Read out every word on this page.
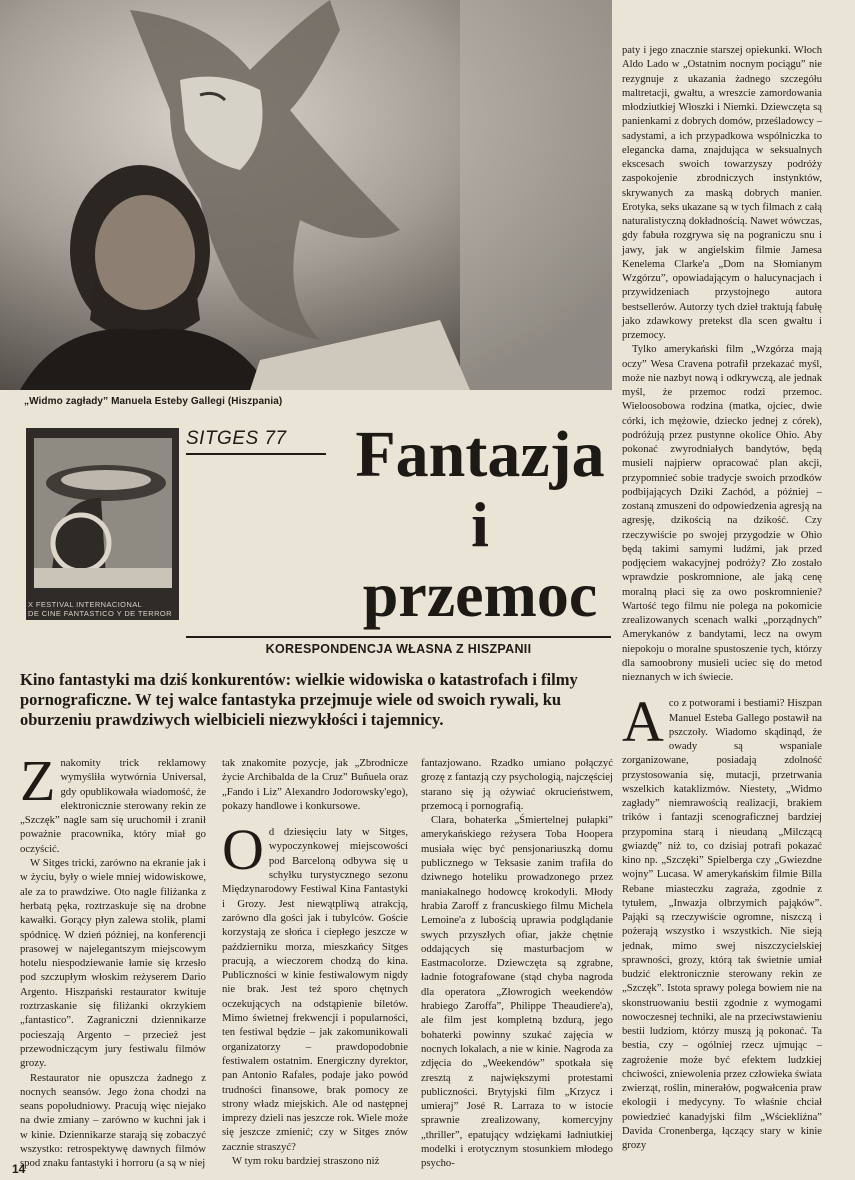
„Widmo zagłady” Manuela Esteby Gallegi (Hiszpania)
X FESTIVAL INTERNACIONAL
DE CINE FANTASTICO Y DE TERROR
SITGES 77 Fantazja
i
przemoc
KORESPONDENCJA WŁASNA Z HISZPANII
Kino fantastyki ma dziś konkurentów: wielkie widowiska o katastrofach i filmy pornograficzne. W tej walce fantastyka przejmuje wiele od swoich rywali, ku oburzeniu prawdziwych wielbicieli niezwykłości i tajemnicy.

Znakomity trick reklamowy wymyśliła wytwórnia Universal, gdy opublikowała wiadomość, że elektronicznie sterowany rekin ze „Szczęk” nagle sam się uruchomił i zranił poważnie pracownika, który miał go oczyścić.

W Sitges tricki, zarówno na ekranie jak i w życiu, były o wiele mniej widowiskowe, ale za to prawdziwe. Oto nagle filiżanka z herbatą pęka, roztrzaskuje się na drobne kawałki. Gorący płyn zalewa stolik, plami spódnicę. W dzień później, na konferencji prasowej w najelegantszym miejscowym hotelu niespodziewanie łamie się krzesło pod szczupłym włoskim reżyserem Dario Argento. Hiszpański restaurator kwituje roztrzaskanie się filiżanki okrzykiem „fantastico”. Zagraniczni dziennikarze pocieszają Argento – przecież jest przewodniczącym jury festiwalu filmów grozy.

Restaurator nie opuszcza żadnego z nocnych seansów. Jego żona chodzi na seans popołudniowy. Pracują więc niejako na dwie zmiany – zarówno w kuchni jak i w kinie. Dziennikarze starają się zobaczyć wszystko: retrospektywę dawnych filmów spod znaku fantastyki i horroru (a są w niej

tak znakomite pozycje, jak „Zbrodnicze życie Archibalda de la Cruz” Buñuela oraz „Fando i Liz” Alexandro Jodorowsky'ego), pokazy handlowe i konkursowe.

Od dziesięciu laty w Sitges, wypoczynkowej miejscowości pod Barceloną odbywa się u schyłku turystycznego sezonu Międzynarodowy Festiwal Kina Fantastyki i Grozy. Jest niewątpliwą atrakcją, zarówno dla gości jak i tubylców. Goście korzystają ze słońca i ciepłego jeszcze w październiku morza, mieszkańcy Sitges pracują, a wieczorem chodzą do kina. Publiczności w kinie festiwalowym nigdy nie brak. Jest też sporo chętnych oczekujących na odstąpienie biletów. Mimo świetnej frekwencji i popularności, ten festiwal będzie – jak zakomunikowali organizatorzy – prawdopodobnie festiwalem ostatnim. Energiczny dyrektor, pan Antonio Rafales, podaje jako powód trudności finansowe, brak pomocy ze strony władz miejskich. Ale od następnej imprezy dzieli nas jeszcze rok. Wiele może się jeszcze zmienić; czy w Sitges znów zacznie straszyć?

W tym roku bardziej straszono niż

fantazjowano. Rzadko umiano połączyć grozę z fantazją czy psychologią, najczęściej starano się ją ożywiać okrucieństwem, przemocą i pornografią.

Clara, bohaterka „Śmiertelnej pułapki” amerykańskiego reżysera Toba Hoopera musiała więc być pensjonariuszką domu publicznego w Teksasie zanim trafiła do dziwnego hoteliku prowadzonego przez maniakalnego hodowcę krokodyli. Młody hrabia Zaroff z francuskiego filmu Michela Lemoine'a z lubością uprawia podglądanie swych przyszłych ofiar, jakże chętnie oddających się masturbacjom w Eastmacolorze. Dziewczęta są zgrabne, ładnie fotografowane (stąd chyba nagroda dla operatora „Złowrogich weekendów hrabiego Zaroffa”, Philippe Theaudiere'a), ale film jest kompletną bzdurą, jego bohaterki powinny szukać zajęcia w nocnych lokalach, a nie w kinie. Nagroda za zdjęcia do „Weekendów” spotkała się zresztą z największymi protestami publiczności. Brytyjski film „Krzycz i umieraj” José R. Larraza to w istocie sprawnie zrealizowany, komercyjny „thriller”, epatujący wdziękami ładniutkiej modelki i erotycznym stosunkiem młodego psycho-

paty i jego znacznie starszej opiekunki. Włoch Aldo Lado w „Ostatnim nocnym pociągu” nie rezygnuje z ukazania żadnego szczegółu maltretacji, gwałtu, a wreszcie zamordowania młodziutkiej Włoszki i Niemki. Dziewczęta są panienkami z dobrych domów, prześladowcy – sadystami, a ich przypadkowa wspólniczka to elegancka dama, znajdująca w seksualnych ekscesach swoich towarzyszy podróży zaspokojenie zbrodniczych instynktów, skrywanych za maską dobrych manier. Erotyka, seks ukazane są w tych filmach z całą naturalistyczną dokładnością. Nawet wówczas, gdy fabuła rozgrywa się na pograniczu snu i jawy, jak w angielskim filmie Jamesa Kenelema Clarke'a „Dom na Słomianym Wzgórzu”, opowiadającym o halucynacjach i przywidzeniach przystojnego autora bestsellerów. Autorzy tych dzieł traktują fabułę jako zdawkowy pretekst dla scen gwałtu i przemocy.

Tylko amerykański film „Wzgórza mają oczy” Wesa Cravena potrafił przekazać myśl, może nie nazbyt nową i odkrywczą, ale jednak myśl, że przemoc rodzi przemoc. Wieloosobowa rodzina (matka, ojciec, dwie córki, ich mężowie, dziecko jednej z córek), podróżują przez pustynne okolice Ohio. Aby pokonać zwyrodniałych bandytów, będą musieli najpierw opracować plan akcji, przypomnieć sobie tradycje swoich przodków podbijających Dziki Zachód, a później – zostaną zmuszeni do odpowiedzenia agresją na agresję, dzikością na dzikość. Czy rzeczywiście po swojej przygodzie w Ohio będą takimi samymi ludźmi, jak przed podjęciem wakacyjnej podróży? Zło zostało wprawdzie poskromnione, ale jaką cenę moralną płaci się za owo poskromnienie? Wartość tego filmu nie polega na pokomicie zrealizowanych scenach walki „porządnych” Amerykanów z bandytami, lecz na owym niepokoju o moralne spustoszenie tych, którzy dla samoobrony musieli uciec się do metod nieznanych w ich świecie.

Aco z potworami i bestiami? Hiszpan Manuel Esteba Gallego postawił na pszczoły. Wiadomo skądinąd, że owady są wspaniale zorganizowane, posiadają zdolność przystosowania się, mutacji, przetrwania wszelkich kataklizmów. Niestety, „Widmo zagłady” niemrawością realizacji, brakiem trików i fantazji scenograficznej bardziej przypomina starą i nieudaną „Milczącą gwiazdę” niż to, co dzisiaj potrafi pokazać kino np. „Szczęki” Spielberga czy „Gwiezdne wojny” Lucasa. W amerykańskim filmie Billa Rebane miasteczku zagraża, zgodnie z tytułem, „Inwazja olbrzymich pająków”. Pająki są rzeczywiście ogromne, niszczą i pożerają wszystko i wszystkich. Nie sieją jednak, mimo swej niszczycielskiej sprawności, grozy, którą tak świetnie umiał budzić elektronicznie sterowany rekin ze „Szczęk”. Istota sprawy polega bowiem nie na skonstruowaniu bestii zgodnie z wymogami nowoczesnej techniki, ale na przeciwstawieniu bestii ludziom, którzy muszą ją pokonać. Ta bestia, czy – ogólniej rzecz ujmując – zagrożenie może być efektem ludzkiej chciwości, zniewolenia przez człowieka świata zwierząt, roślin, minerałów, pogwałcenia praw ekologii i medycyny. To właśnie chciał powiedzieć kanadyjski film „Wściekliźna” Davida Cronenberga, łączący stary w kinie grozy

14
